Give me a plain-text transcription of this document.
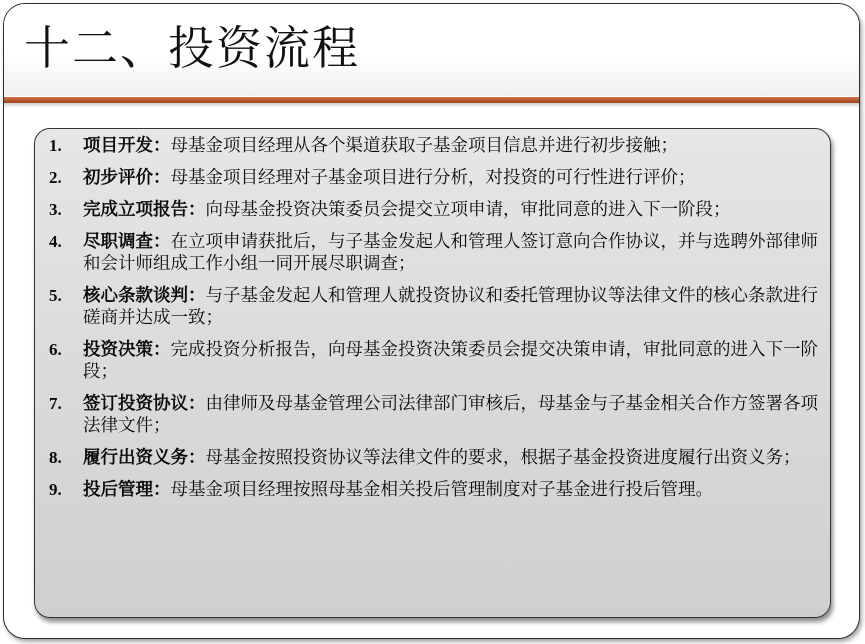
十二、投资流程
1. 项目开发：母基金项目经理从各个渠道获取子基金项目信息并进行初步接触；
2. 初步评价：母基金项目经理对子基金项目进行分析，对投资的可行性进行评价；
3. 完成立项报告：向母基金投资决策委员会提交立项申请，审批同意的进入下一阶段；
4. 尽职调查：在立项申请获批后，与子基金发起人和管理人签订意向合作协议，并与选聘外部律师和会计师组成工作小组一同开展尽职调查；
5. 核心条款谈判：与子基金发起人和管理人就投资协议和委托管理协议等法律文件的核心条款进行磋商并达成一致；
6. 投资决策：完成投资分析报告，向母基金投资决策委员会提交决策申请，审批同意的进入下一阶段；
7. 签订投资协议：由律师及母基金管理公司法律部门审核后，母基金与子基金相关合作方签署各项法律文件；
8. 履行出资义务：母基金按照投资协议等法律文件的要求，根据子基金投资进度履行出资义务；
9. 投后管理：母基金项目经理按照母基金相关投后管理制度对子基金进行投后管理。
